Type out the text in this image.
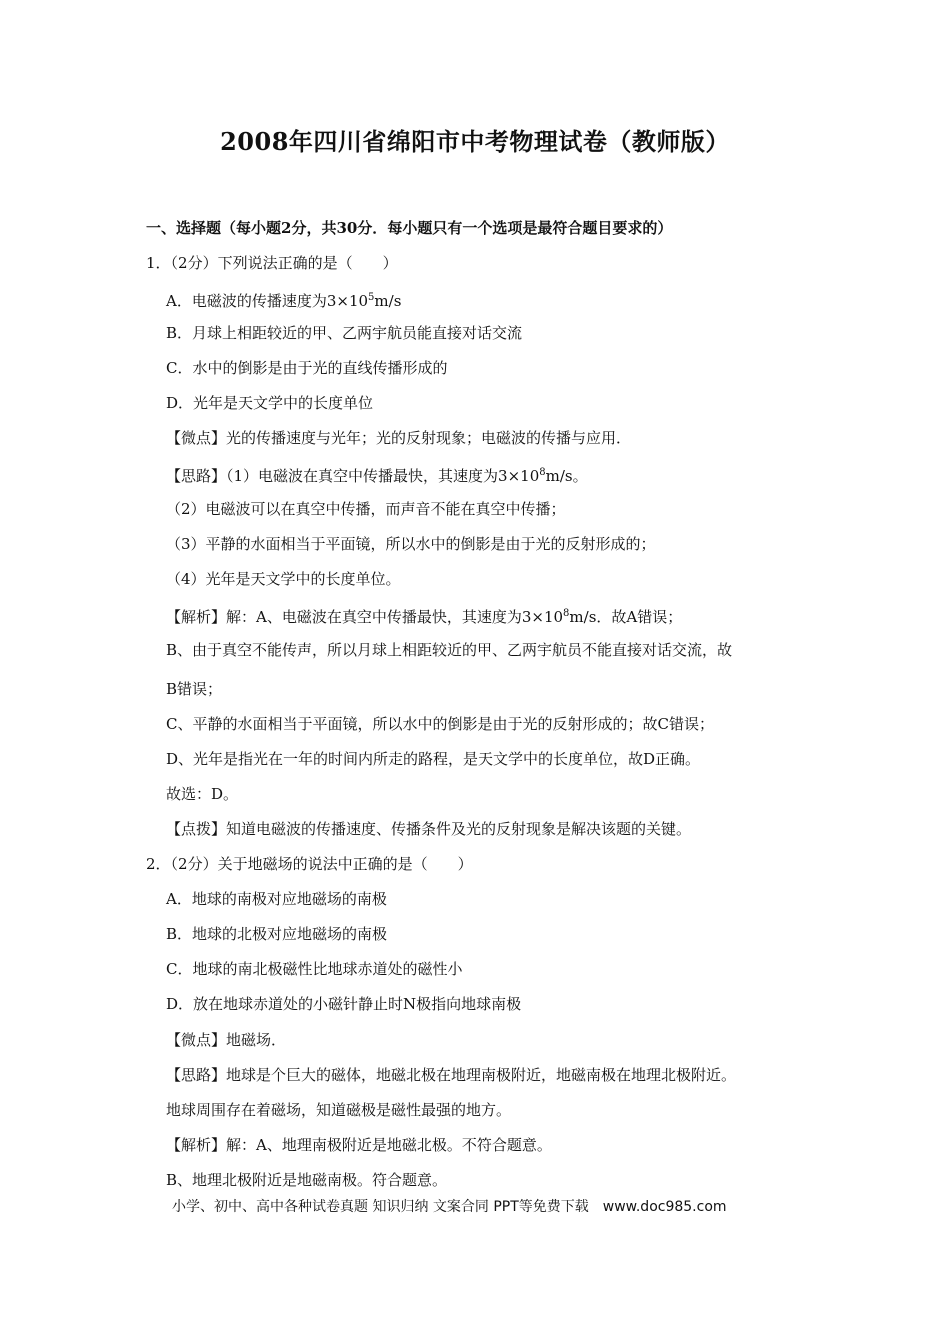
2008年四川省绵阳市中考物理试卷（教师版）
一、选择题（每小题2分，共30分．每小题只有一个选项是最符合题目要求的）
1．（2分）下列说法正确的是（　　）
A．电磁波的传播速度为$3\times 10^5m/s$
B．月球上相距较近的甲、乙两宇航员能直接对话交流
C．水中的倒影是由于光的直线传播形成的
D．光年是天文学中的长度单位
【微点】光的传播速度与光年；光的反射现象；电磁波的传播与应用．
【思路】（1）电磁波在真空中传播最快，其速度为$3\times 10^8m/s$。
（2）电磁波可以在真空中传播，而声音不能在真空中传播；
（3）平静的水面相当于平面镜，所以水中的倒影是由于光的反射形成的；
（4）光年是天文学中的长度单位。
【解析】解：A、电磁波在真空中传播最快，其速度为$3\times 10^8m/s$．故A错误；
B、由于真空不能传声，所以月球上相距较近的甲、乙两宇航员不能直接对话交流，故
B错误；
C、平静的水面相当于平面镜，所以水中的倒影是由于光的反射形成的；故C错误；
D、光年是指光在一年的时间内所走的路程，是天文学中的长度单位，故D正确。
故选：D。
【点拨】知道电磁波的传播速度、传播条件及光的反射现象是解决该题的关键。
2．（2分）关于地磁场的说法中正确的是（　　）
A．地球的南极对应地磁场的南极
B．地球的北极对应地磁场的南极
C．地球的南北极磁性比地球赤道处的磁性小
D．放在地球赤道处的小磁针静止时N极指向地球南极
【微点】地磁场．
【思路】地球是个巨大的磁体，地磁北极在地理南极附近，地磁南极在地理北极附近。
地球周围存在着磁场，知道磁极是磁性最强的地方。
【解析】解：A、地理南极附近是地磁北极。不符合题意。
B、地理北极附近是地磁南极。符合题意。
小学、初中、高中各种试卷真题 知识归纳 文案合同 PPT等免费下载　www.doc985.com
